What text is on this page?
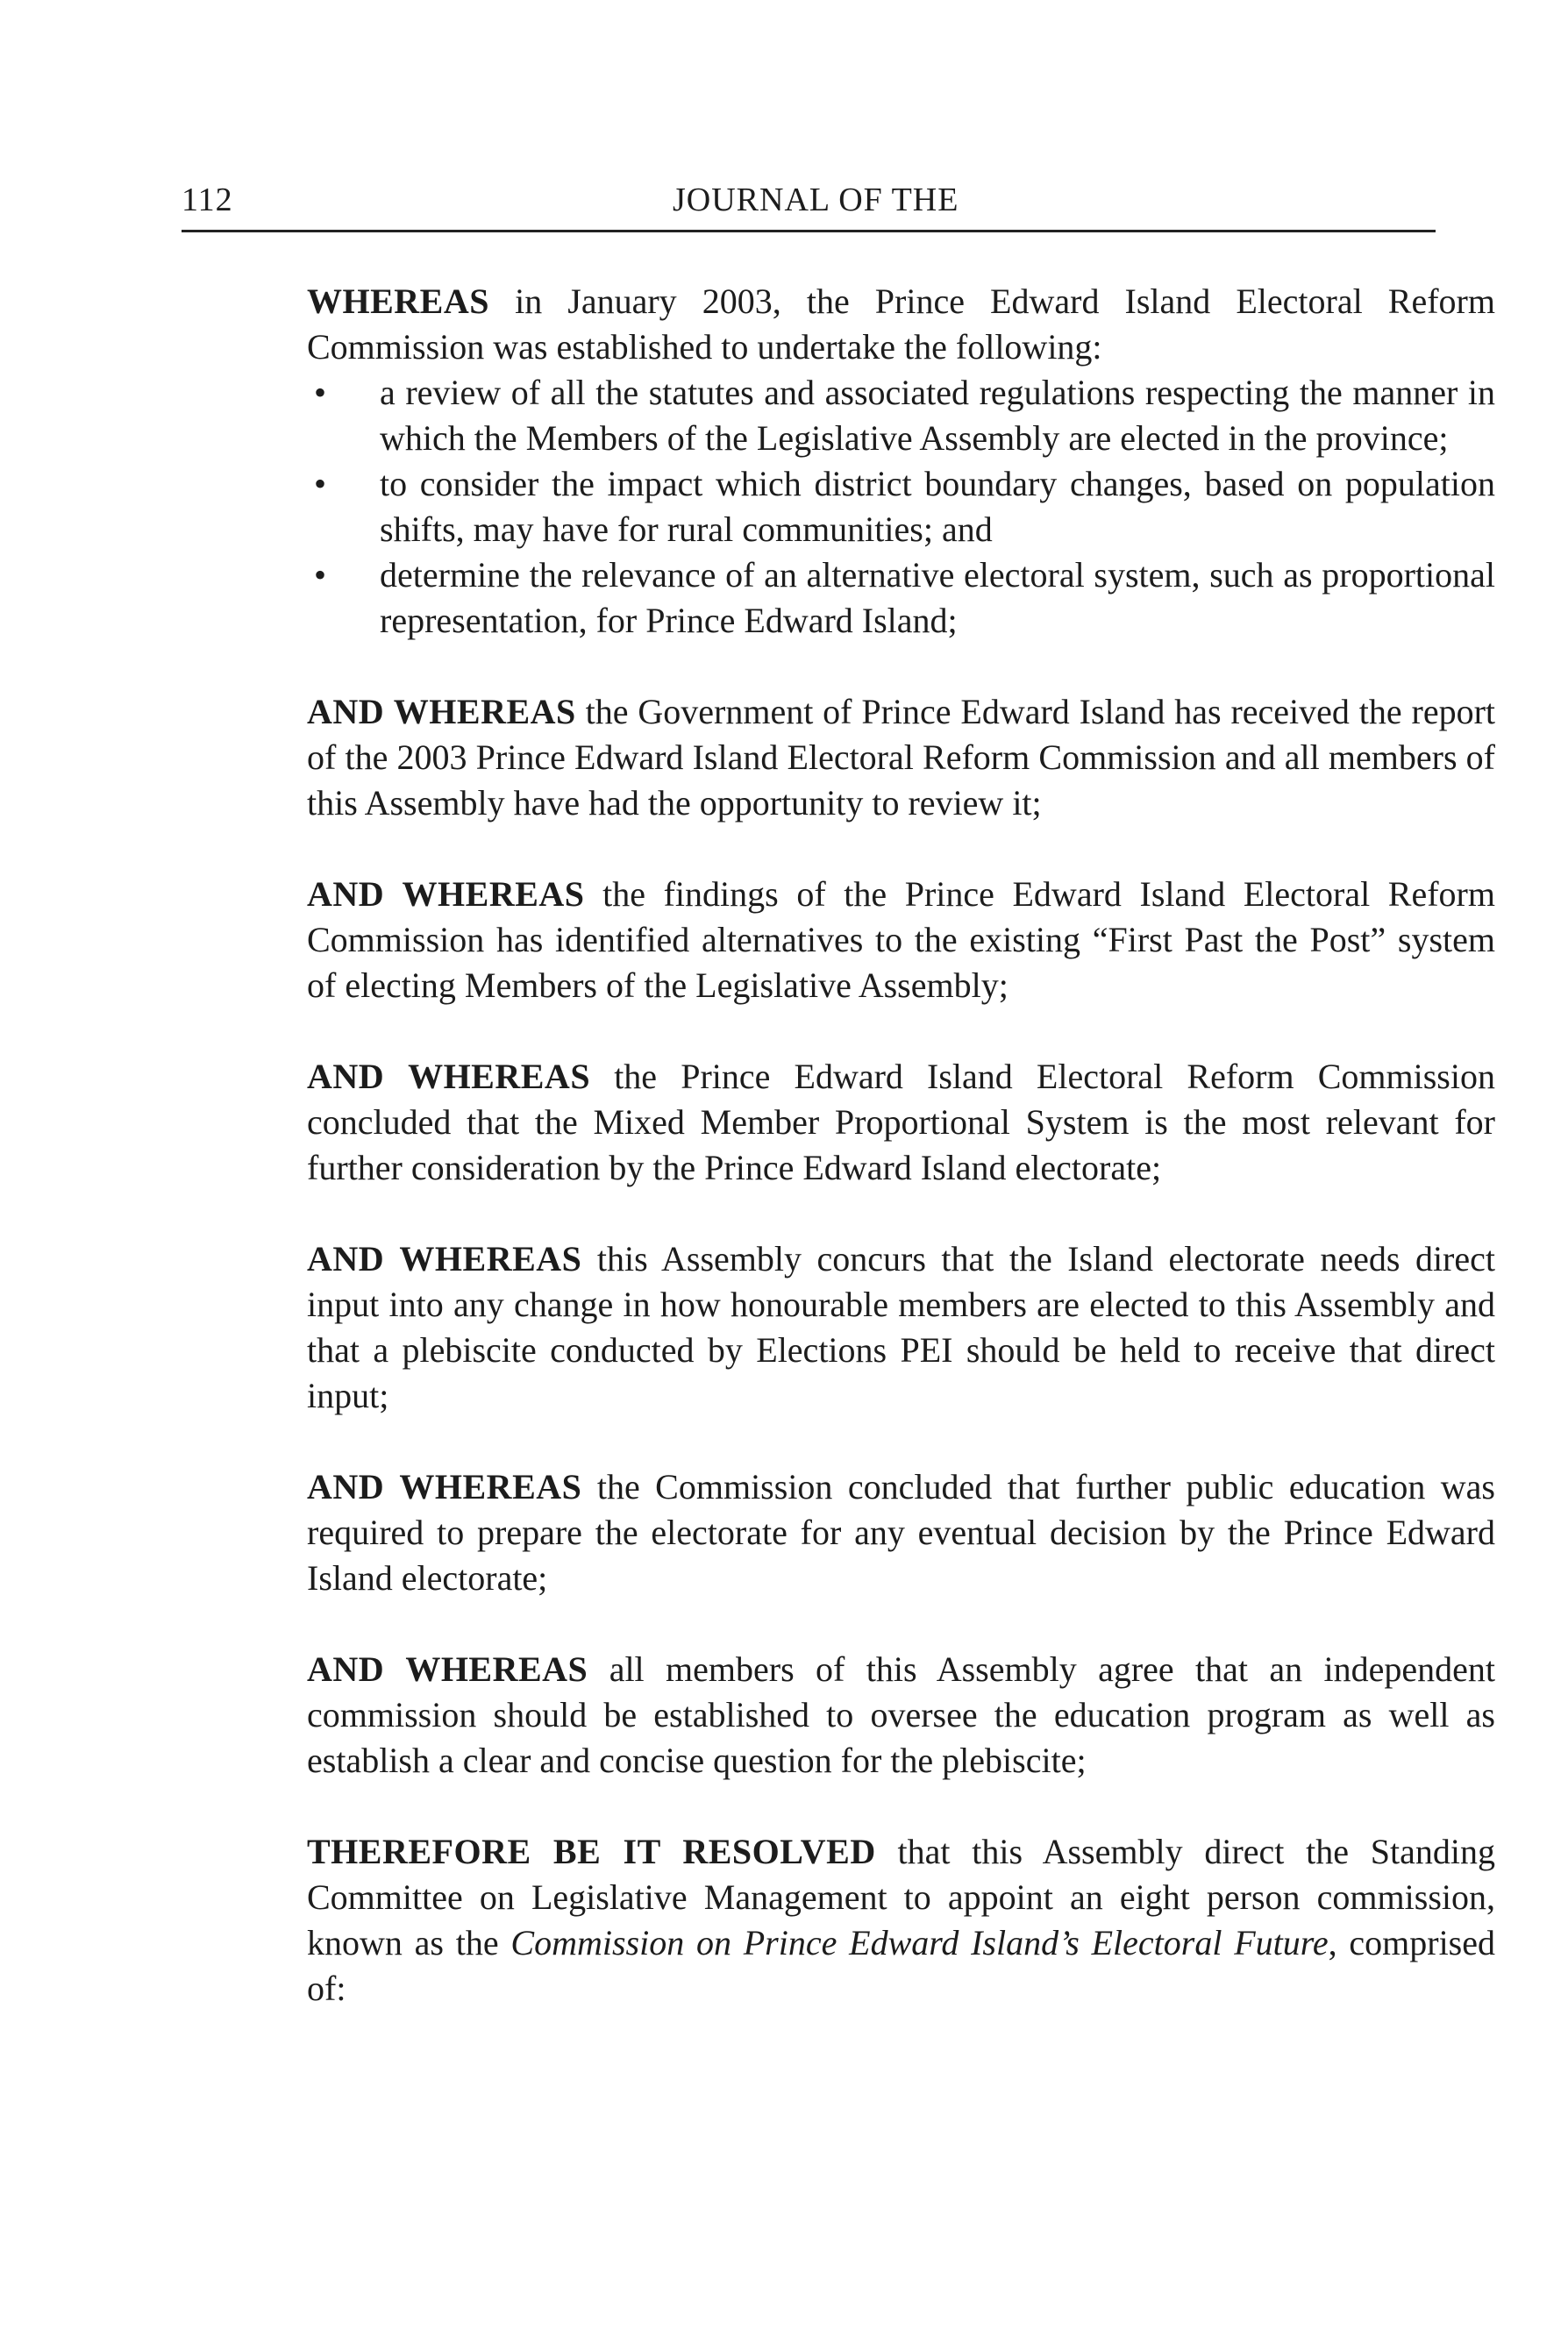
112	JOURNAL OF THE

WHEREAS in January 2003, the Prince Edward Island Electoral Reform Commission was established to undertake the following:

•	a review of all the statutes and associated regulations respecting the manner in which the Members of the Legislative Assembly are elected in the province;
•	to consider the impact which district boundary changes, based on population shifts, may have for rural communities; and
•	determine the relevance of an alternative electoral system, such as proportional representation, for Prince Edward Island;

AND WHEREAS the Government of Prince Edward Island has received the report of the 2003 Prince Edward Island Electoral Reform Commission and all members of this Assembly have had the opportunity to review it;

AND WHEREAS the findings of the Prince Edward Island Electoral Reform Commission has identified alternatives to the existing “First Past the Post” system of electing Members of the Legislative Assembly;

AND WHEREAS the Prince Edward Island Electoral Reform Commission concluded that the Mixed Member Proportional System is the most relevant for further consideration by the Prince Edward Island electorate;

AND WHEREAS this Assembly concurs that the Island electorate needs direct input into any change in how honourable members are elected to this Assembly and that a plebiscite conducted by Elections PEI should be held to receive that direct input;

AND WHEREAS the Commission concluded that further public education was required to prepare the electorate for any eventual decision by the Prince Edward Island electorate;

AND WHEREAS all members of this Assembly agree that an independent commission should be established to oversee the education program as well as establish a clear and concise question for the plebiscite;

THEREFORE BE IT RESOLVED that this Assembly direct the Standing Committee on Legislative Management to appoint an eight person commission, known as the Commission on Prince Edward Island’s Electoral Future, comprised of:
